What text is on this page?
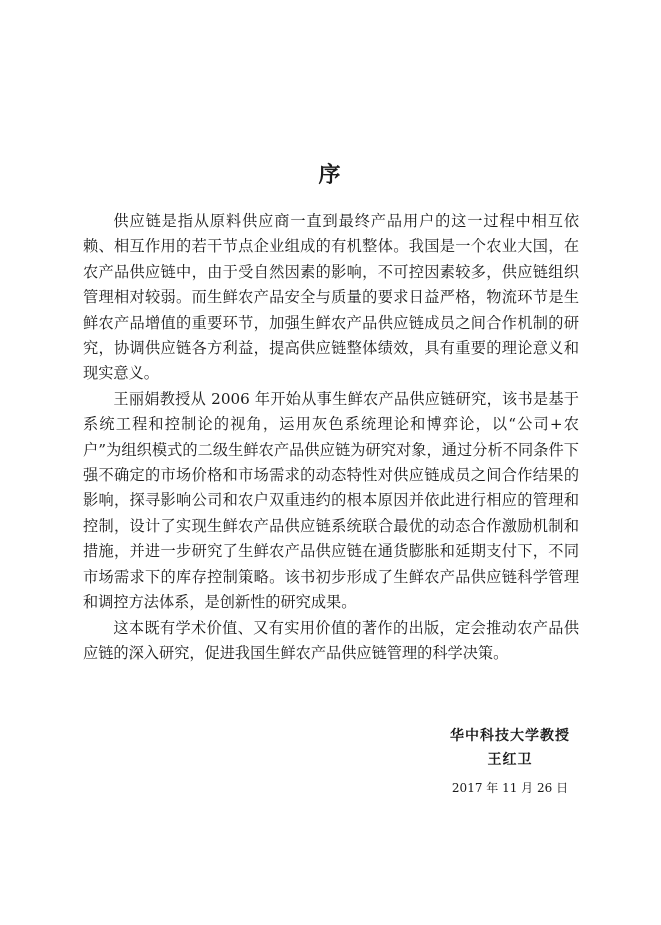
序

供应链是指从原料供应商一直到最终产品用户的这一过程中相互依赖、相互作用的若干节点企业组成的有机整体。我国是一个农业大国，在农产品供应链中，由于受自然因素的影响，不可控因素较多，供应链组织管理相对较弱。而生鲜农产品安全与质量的要求日益严格，物流环节是生鲜农产品增值的重要环节，加强生鲜农产品供应链成员之间合作机制的研究，协调供应链各方利益，提高供应链整体绩效，具有重要的理论意义和现实意义。

王丽娟教授从 2006 年开始从事生鲜农产品供应链研究，该书是基于系统工程和控制论的视角，运用灰色系统理论和博弈论，以“公司+农户”为组织模式的二级生鲜农产品供应链为研究对象，通过分析不同条件下强不确定的市场价格和市场需求的动态特性对供应链成员之间合作结果的影响，探寻影响公司和农户双重违约的根本原因并依此进行相应的管理和控制，设计了实现生鲜农产品供应链系统联合最优的动态合作激励机制和措施，并进一步研究了生鲜农产品供应链在通货膨胀和延期支付下，不同市场需求下的库存控制策略。该书初步形成了生鲜农产品供应链科学管理和调控方法体系，是创新性的研究成果。

这本既有学术价值、又有实用价值的著作的出版，定会推动农产品供应链的深入研究，促进我国生鲜农产品供应链管理的科学决策。

华中科技大学教授
王红卫
2017 年 11 月 26 日
